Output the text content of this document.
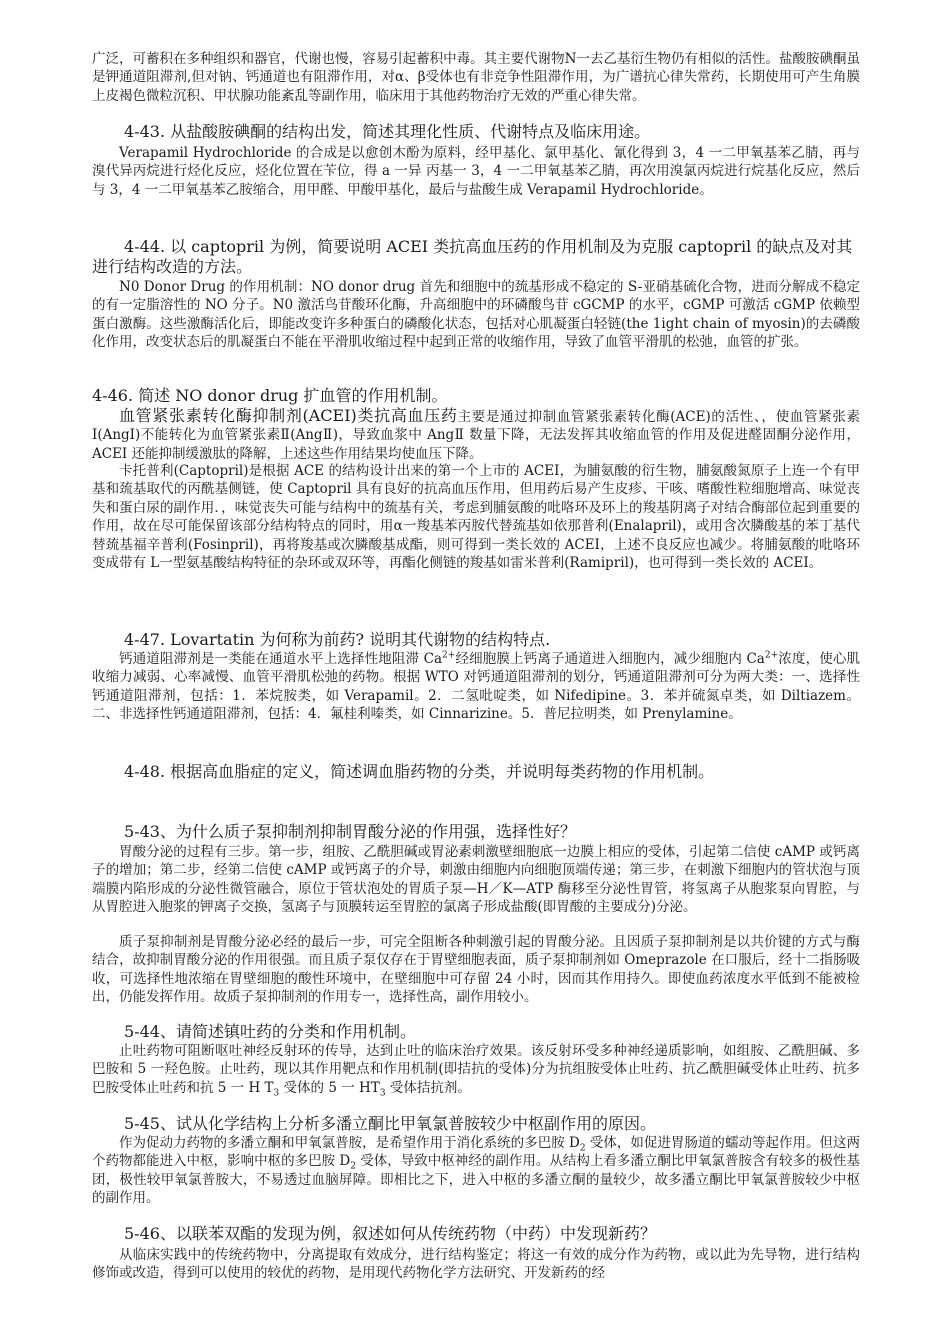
广泛，可蓄积在多种组织和器官，代谢也慢，容易引起蓄积中毒。其主要代谢物N一去乙基衍生物仍有相似的活性。盐酸胺碘酮虽是钾通道阻滞剂,但对钠、钙通道也有阻滞作用，对α、β受体也有非竞争性阻滞作用，为广谱抗心律失常药，长期使用可产生角膜上皮褐色微粒沉积、甲状腺功能紊乱等副作用，临床用于其他药物治疗无效的严重心律失常。

4-43. 从盐酸胺碘酮的结构出发，简述其理化性质、代谢特点及临床用途。

Verapamil Hydrochloride 的合成是以愈创木酚为原料，经甲基化、氯甲基化、氰化得到 3，4 一二甲氧基苯乙腈，再与溴代异丙烷进行烃化反应，烃化位置在苄位，得 a 一异 丙基一 3，4 一二甲氧基苯乙腈，再次用溴氯丙烷进行烷基化反应，然后与 3，4 一二甲氧基苯乙胺缩合，用甲醛、甲酸甲基化，最后与盐酸生成 Verapamil Hydrochloride。

4-44. 以 captopril 为例，简要说明 ACEI 类抗高血压药的作用机制及为克服 captopril 的缺点及对其进行结构改造的方法。

N0 Donor Drug 的作用机制：NO donor drug 首先和细胞中的巯基形成不稳定的 S-亚硝基硫化合物，进而分解成不稳定的有一定脂溶性的 NO 分子。N0 激活鸟苷酸环化酶，升高细胞中的环磷酸鸟苷 cGCMP 的水平，cGMP 可激活 cGMP 依赖型蛋白激酶。这些激酶活化后，即能改变许多种蛋白的磷酸化状态，包括对心肌凝蛋白轻链(the 1ight chain of myosin)的去磷酸化作用，改变状态后的肌凝蛋白不能在平滑肌收缩过程中起到正常的收缩作用，导致了血管平滑肌的松弛，血管的扩张。

4-46. 简述 NO donor drug 扩血管的作用机制。

血管紧张素转化酶抑制剂(ACEI)类抗高血压药主要是通过抑制血管紧张素转化酶(ACE)的活性、，使血管紧张素 I(AngI)不能转化为血管紧张素Ⅱ(AngⅡ)，导致血浆中 AngⅡ 数量下降，无法发挥其收缩血管的作用及促进醛固酮分泌作用，ACEI 还能抑制缓激肽的降解，上述这些作用结果均使血压下降。

卡托普利(Captopril)是根据 ACE 的结构设计出来的第一个上市的 ACEI，为脯氨酸的衍生物，脯氨酸氮原子上连一个有甲基和巯基取代的丙酰基侧链，使 Captopril 具有良好的抗高血压作用，但用药后易产生皮疹、干咳、嗜酸性粒细胞增高、味觉丧失和蛋白尿的副作用．，味觉丧失可能与结构中的巯基有关，考虑到脯氨酸的吡咯环及环上的羧基阴离子对结合酶部位起到重要的作用，故在尽可能保留该部分结构特点的同时，用α一羧基苯丙胺代替巯基如依那普利(Enalapril)，或用含次膦酸基的苯丁基代替巯基福辛普利(Fosinpril)，再将羧基或次膦酸基成酯，则可得到一类长效的 ACEI，上述不良反应也减少。将脯氨酸的吡咯环变成带有 L一型氨基酸结构特征的杂环或双环等，再酯化侧链的羧基如雷米普利(Ramipril)，也可得到一类长效的 ACEI。

4-47. Lovartatin 为何称为前药? 说明其代谢物的结构特点.

钙通道阻滞剂是一类能在通道水平上选择性地阻滞 $Ca^{2+}$经细胞膜上钙离子通道进入细胞内，减少细胞内 $Ca^{2+}$浓度，使心肌收缩力减弱、心率减慢、血管平滑肌松弛的药物。根据 WTO 对钙通道阻滞剂的划分，钙通道阻滞剂可分为两大类：一、选择性钙通道阻滞剂，包括：1．苯烷胺类，如 Verapamil。2．二氢吡啶类，如 Nifedipine。3．苯并硫氮卓类，如 Diltiazem。二、非选择性钙通道阻滞剂，包括：4．氟桂利嗪类，如 Cinnarizine。5．普尼拉明类，如 Prenylamine。

4-48. 根据高血脂症的定义，简述调血脂药物的分类，并说明每类药物的作用机制。

5-43、为什么质子泵抑制剂抑制胃酸分泌的作用强，选择性好？

胃酸分泌的过程有三步。第一步，组胺、乙酰胆碱或胃泌素刺激壁细胞底一边膜上相应的受体，引起第二信使 cAMP 或钙离子的增加；第二步，经第二信使 cAMP 或钙离子的介导，刺激由细胞内向细胞顶端传递；第三步，在刺激下细胞内的管状泡与顶端膜内陷形成的分泌性微管融合，原位于管状泡处的胃质子泵—H／K—ATP 酶移至分泌性胃管，将氢离子从胞浆泵向胃腔，与从胃腔进入胞浆的钾离子交换，氢离子与顶膜转运至胃腔的氯离子形成盐酸(即胃酸的主要成分)分泌。

质子泵抑制剂是胃酸分泌必经的最后一步，可完全阻断各种刺激引起的胃酸分泌。且因质子泵抑制剂是以共价键的方式与酶结合，故抑制胃酸分泌的作用很强。而且质子泵仅存在于胃壁细胞表面，质子泵抑制剂如 Omeprazole 在口服后，经十二指肠吸收，可选择性地浓缩在胃壁细胞的酸性环境中，在壁细胞中可存留 24 小时，因而其作用持久。即使血药浓度水平低到不能被检出，仍能发挥作用。故质子泵抑制剂的作用专一，选择性高，副作用较小。

5-44、请简述镇吐药的分类和作用机制。

止吐药物可阻断呕吐神经反射环的传导，达到止吐的临床治疗效果。该反射环受多种神经递质影响，如组胺、乙酰胆碱、多巴胺和 5 一羟色胺。止吐药，现以其作用靶点和作用机制(即拮抗的受体)分为抗组胺受体止吐药、抗乙酰胆碱受体止吐药、抗多巴胺受体止吐药和抗 5 一 H $T_3$ 受体的 5 一 $HT_3$ 受体拮抗剂。

5-45、试从化学结构上分析多潘立酮比甲氧氯普胺较少中枢副作用的原因。

作为促动力药物的多潘立酮和甲氧氯普胺，是希望作用于消化系统的多巴胺 $D_2$ 受体，如促进胃肠道的蠕动等起作用。但这两个药物都能进入中枢，影响中枢的多巴胺 $D_2$ 受体，导致中枢神经的副作用。从结构上看多潘立酮比甲氧氯普胺含有较多的极性基团，极性较甲氧氯普胺大，不易透过血脑屏障。即相比之下，进入中枢的多潘立酮的量较少，故多潘立酮比甲氧氯普胺较少中枢的副作用。

5-46、以联苯双酯的发现为例，叙述如何从传统药物（中药）中发现新药？

从临床实践中的传统药物中，分离提取有效成分，进行结构鉴定；将这一有效的成分作为药物，或以此为先导物，进行结构修饰或改造，得到可以使用的较优的药物，是用现代药物化学方法研究、开发新药的经
